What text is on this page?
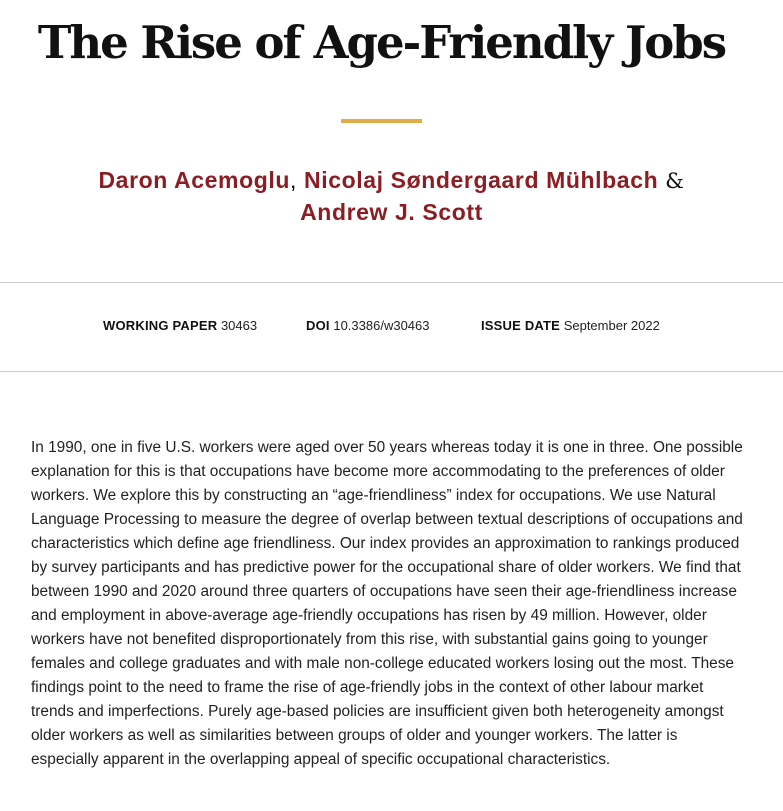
The Rise of Age-Friendly Jobs
Daron Acemoglu, Nicolaj Søndergaard Mühlbach &
Andrew J. Scott
WORKING PAPER 30463	DOI 10.3386/w30463	ISSUE DATE September 2022

In 1990, one in five U.S. workers were aged over 50 years whereas today it is one in three. One possible explanation for this is that occupations have become more accommodating to the preferences of older workers. We explore this by constructing an “age-friendliness” index for occupations. We use Natural Language Processing to measure the degree of overlap between textual descriptions of occupations and characteristics which define age friendliness. Our index provides an approximation to rankings produced by survey participants and has predictive power for the occupational share of older workers. We find that between 1990 and 2020 around three quarters of occupations have seen their age-friendliness increase and employment in above-average age-friendly occupations has risen by 49 million. However, older workers have not benefited disproportionately from this rise, with substantial gains going to younger females and college graduates and with male non-college educated workers losing out the most. These findings point to the need to frame the rise of age-friendly jobs in the context of other labour market trends and imperfections. Purely age-based policies are insufficient given both heterogeneity amongst older workers as well as similarities between groups of older and younger workers. The latter is especially apparent in the overlapping appeal of specific occupational characteristics.
